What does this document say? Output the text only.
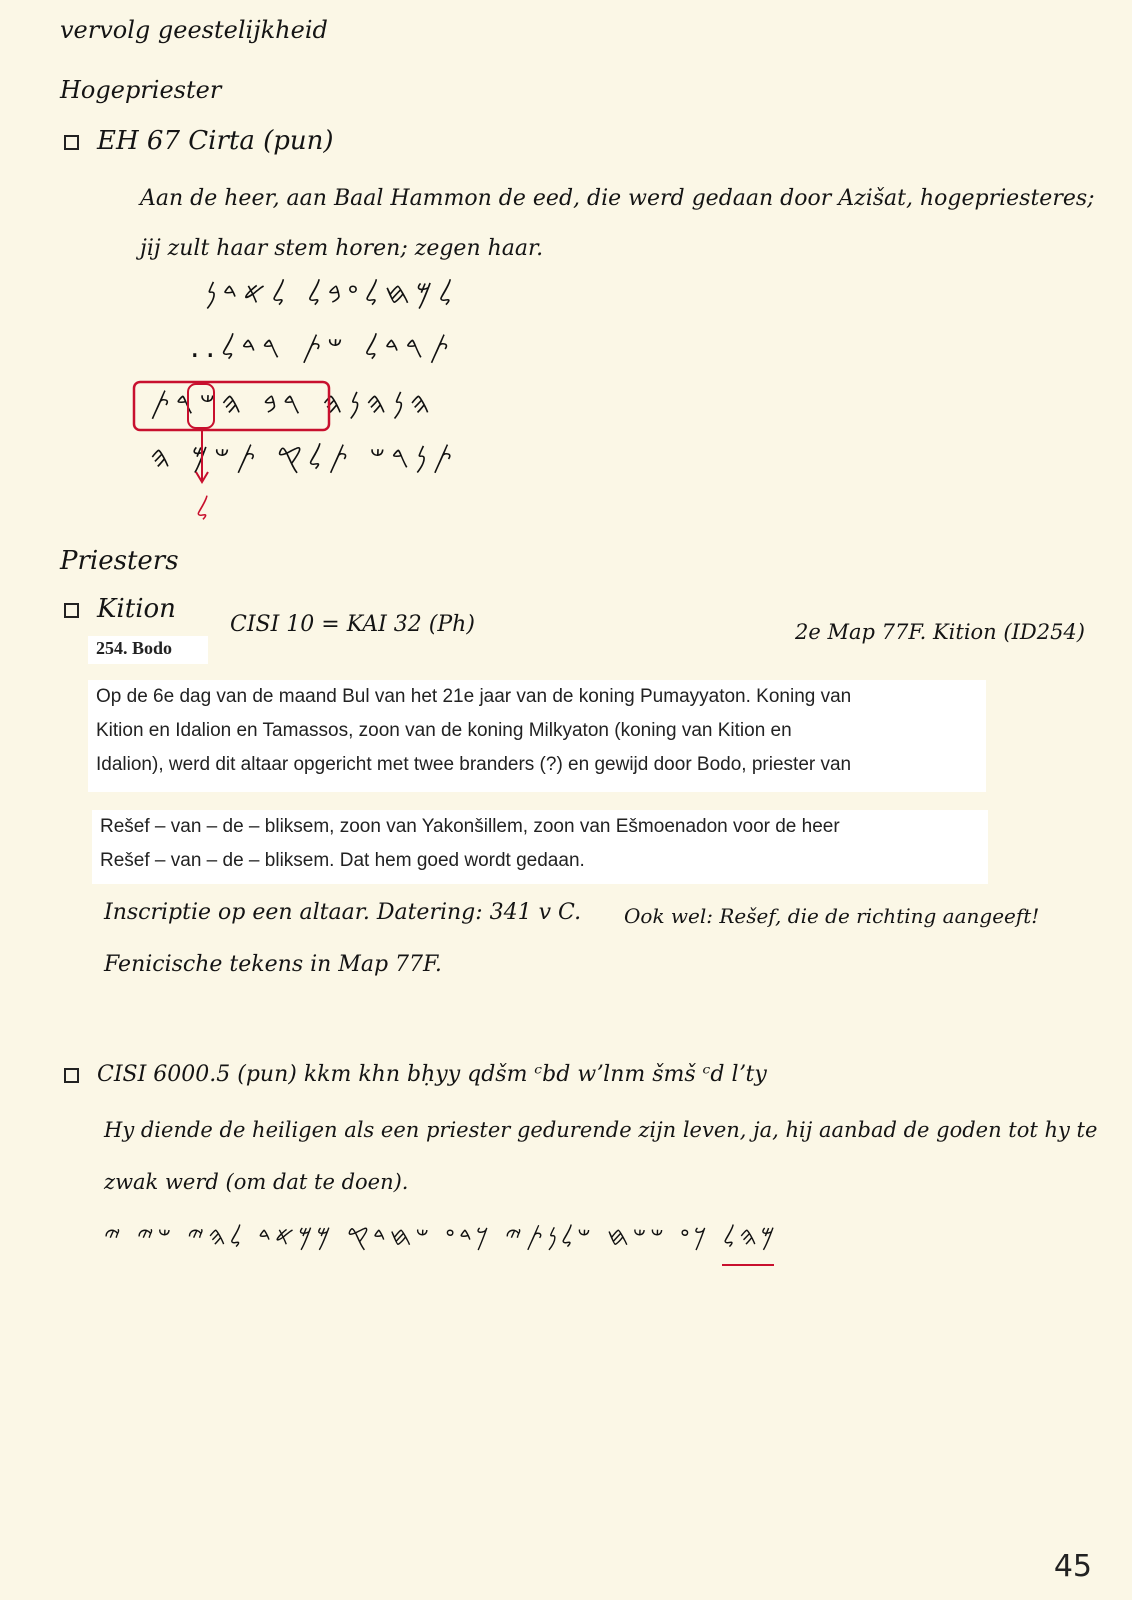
vervolg geestelijkheid
Hogepriester
EH 67 Cirta (pun)
Aan de heer, aan Baal Hammon de eed, die werd gedaan door Azišat, hogepriesteres;
jij zult haar stem horen; zegen haar.
𐤋𐤌𐤇𐤋𐤏𐤁𐤋 𐤋𐤀𐤃𐤍
..𐤕𐤓𐤃𐤋 𐤔𐤕 𐤓𐤃𐤋
𐤄𐤍𐤄𐤍𐤄 𐤓𐤁 𐤄𐤔𐤓𐤕
𐤕𐤍𐤓𐤔 𐤕𐤋𐤒 𐤕𐤔𐤌 𐤄
𐤋
Priesters
Kition
CISI 10 = KAI 32 (Ph)	2e Map 77F. Kition (ID254)
254. Bodo
Op de 6e dag van de maand Bul van het 21e jaar van de koning Pumayyaton. Koning van
Kition en Idalion en Tamassos, zoon van de koning Milkyaton (koning van Kition en
Idalion), werd dit altaar opgericht met twee branders (?) en gewijd door Bodo, priester van
Rešef – van – de – bliksem, zoon van Yakonšillem, zoon van Ešmoenadon voor de heer
Rešef – van – de – bliksem. Dat hem goed wordt gedaan.
Inscriptie op een altaar. Datering: 341 v C. Ook wel: Rešef, die de richting aangeeft!
Fenicische tekens in Map 77F.
CISI 6000.5 (pun) kkm khn bḥyy qdšm ᶜbd wʼlnm šmš ᶜd lʼty
Hy diende de heiligen als een priester gedurende zijn leven, ja, hij aanbad de goden tot hy te
zwak werd (om dat te doen).
𐤌𐤄𐤋 𐤊𐤏 𐤔𐤔𐤇 𐤔𐤋𐤍𐤕𐤉 𐤊𐤃𐤏 𐤔𐤇𐤃𐤒 𐤌𐤌𐤀𐤃 𐤋𐤄𐤉 𐤔𐤉 𐤉
45
